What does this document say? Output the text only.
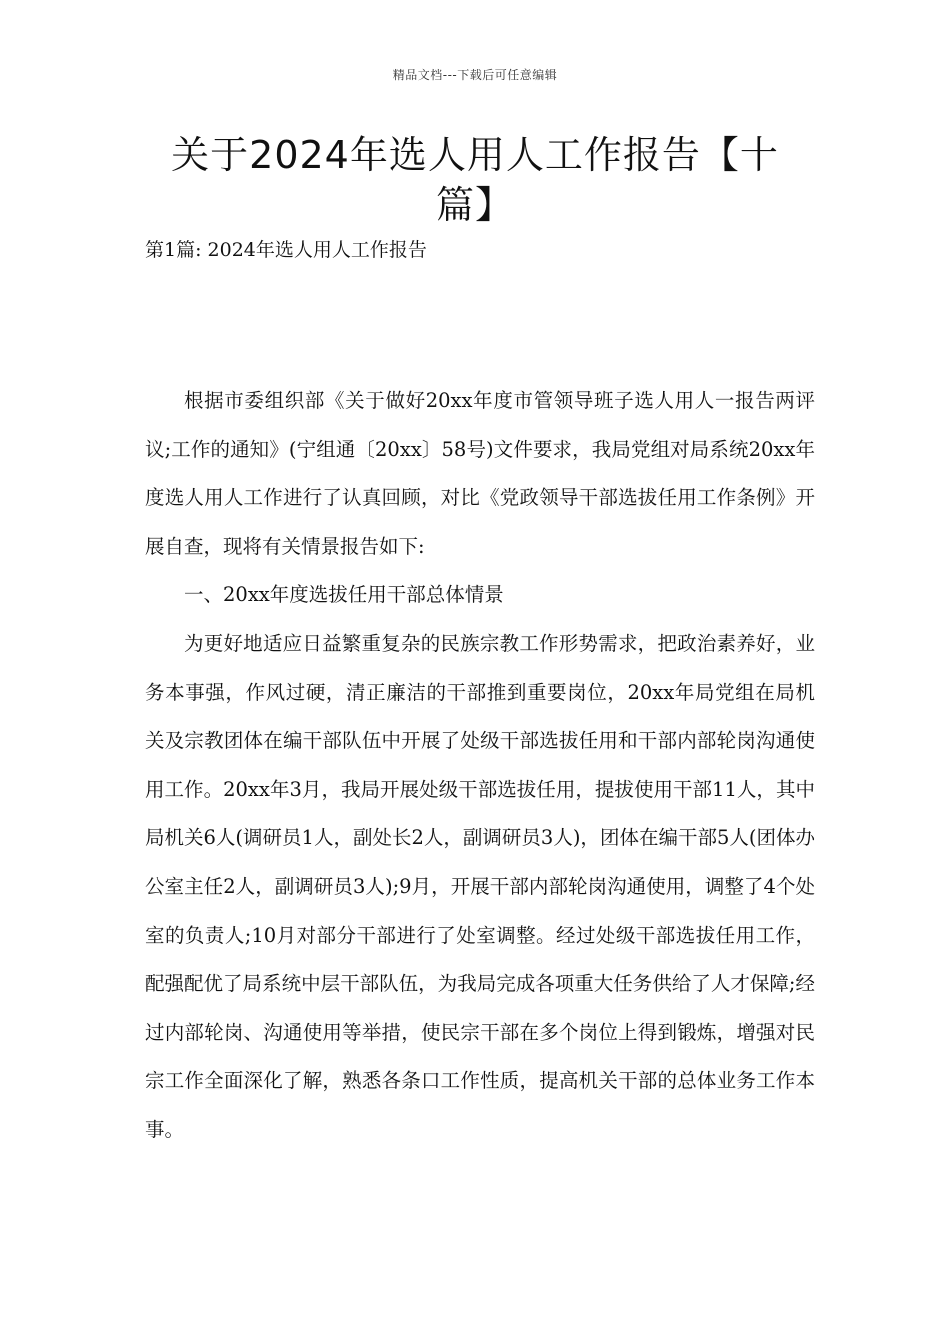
精品文档---下载后可任意编辑
关于2024年选人用人工作报告【十篇】

第1篇: 2024年选人用人工作报告

根据市委组织部《关于做好20xx年度市管领导班子选人用人一报告两评议;工作的通知》(宁组通〔20xx〕58号)文件要求，我局党组对局系统20xx年度选人用人工作进行了认真回顾，对比《党政领导干部选拔任用工作条例》开展自查，现将有关情景报告如下:

一、20xx年度选拔任用干部总体情景

为更好地适应日益繁重复杂的民族宗教工作形势需求，把政治素养好，业务本事强，作风过硬，清正廉洁的干部推到重要岗位，20xx年局党组在局机关及宗教团体在编干部队伍中开展了处级干部选拔任用和干部内部轮岗沟通使用工作。20xx年3月，我局开展处级干部选拔任用，提拔使用干部11人，其中局机关6人(调研员1人，副处长2人，副调研员3人)，团体在编干部5人(团体办公室主任2人，副调研员3人);9月，开展干部内部轮岗沟通使用，调整了4个处室的负责人;10月对部分干部进行了处室调整。经过处级干部选拔任用工作，配强配优了局系统中层干部队伍，为我局完成各项重大任务供给了人才保障;经过内部轮岗、沟通使用等举措，使民宗干部在多个岗位上得到锻炼，增强对民宗工作全面深化了解，熟悉各条口工作性质，提高机关干部的总体业务工作本事。
